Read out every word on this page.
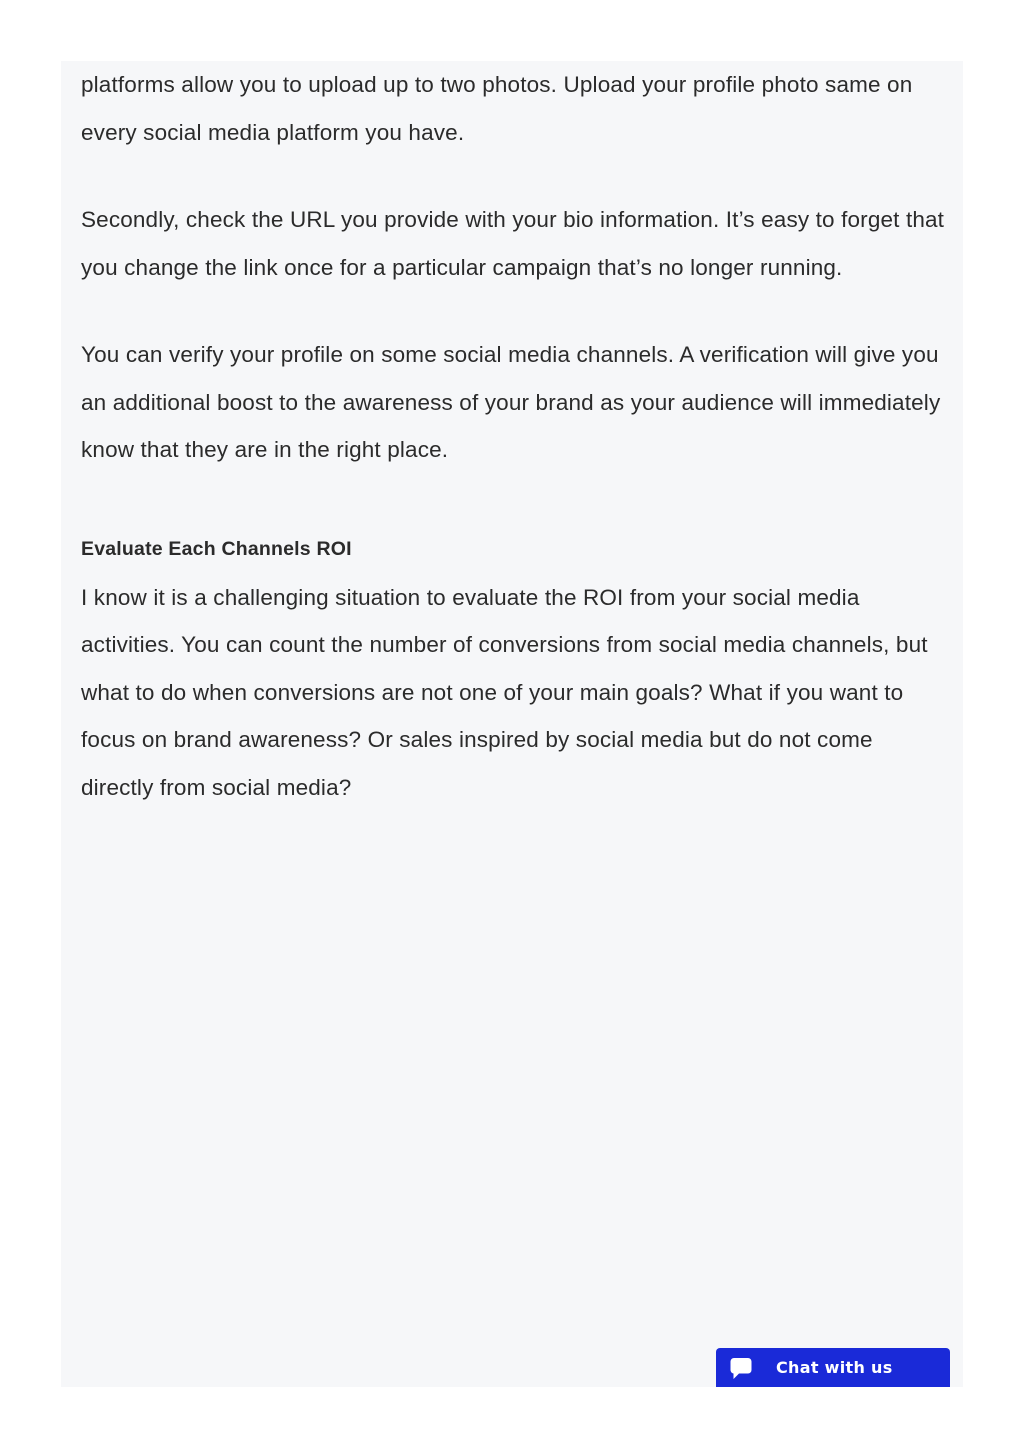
platforms allow you to upload up to two photos. Upload your profile photo same on every social media platform you have.

Secondly, check the URL you provide with your bio information. It’s easy to forget that you change the link once for a particular campaign that’s no longer running.

You can verify your profile on some social media channels. A verification will give you an additional boost to the awareness of your brand as your audience will immediately know that they are in the right place.

Evaluate Each Channels ROI

I know it is a challenging situation to evaluate the ROI from your social media activities. You can count the number of conversions from social media channels, but what to do when conversions are not one of your main goals? What if you want to focus on brand awareness? Or sales inspired by social media but do not come directly from social media?

Chat with us
